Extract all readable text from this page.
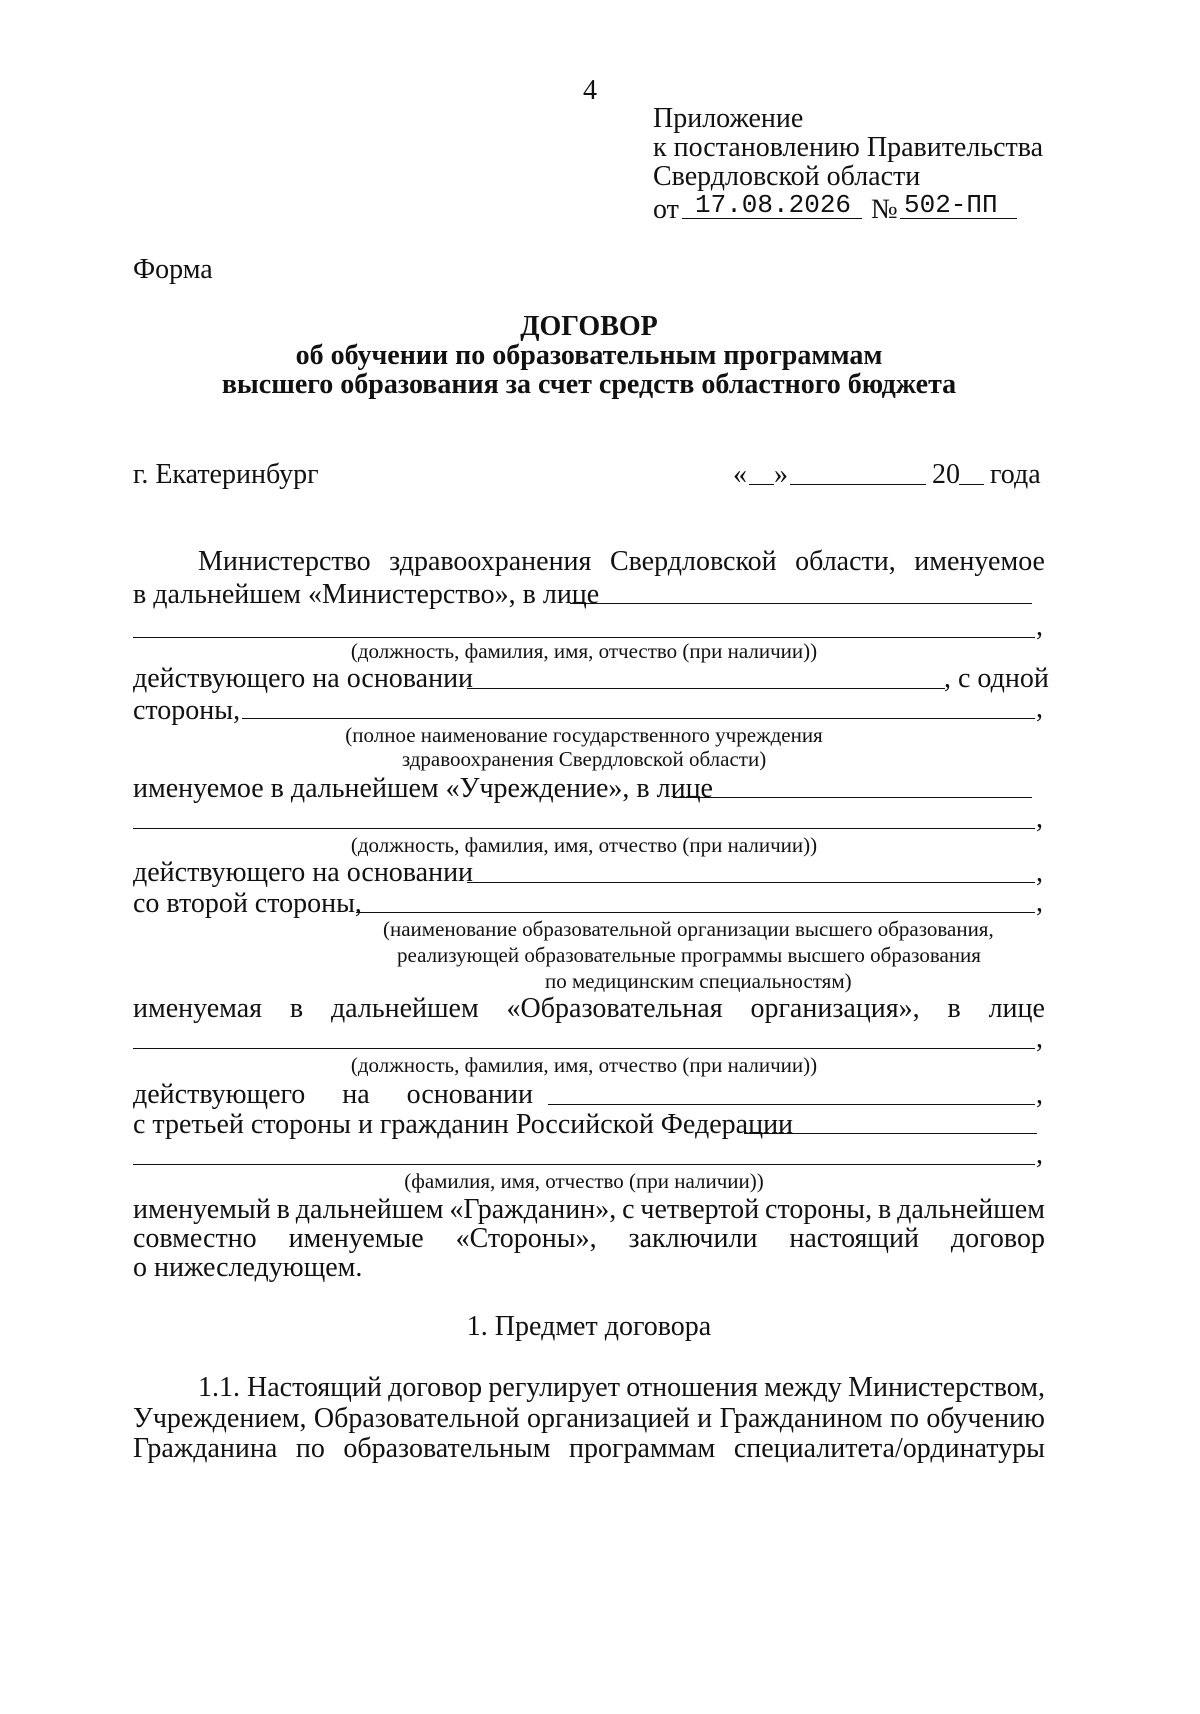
4
Приложение
к постановлению Правительства
Свердловской области
от 17.08.2026 № 502-ПП
Форма
ДОГОВОР
об обучении по образовательным программам
высшего образования за счет средств областного бюджета
г. Екатеринбург	« »	20 года
Министерство здравоохранения Свердловской области, именуемое
в дальнейшем «Министерство», в лице
,
(должность, фамилия, имя, отчество (при наличии))
действующего на основании	, с одной
стороны,	,
(полное наименование государственного учреждения
здравоохранения Свердловской области)
именуемое в дальнейшем «Учреждение», в лице
,
(должность, фамилия, имя, отчество (при наличии))
действующего на основании	,
со второй стороны,	,
(наименование образовательной организации высшего образования,
реализующей образовательные программы высшего образования
по медицинским специальностям)
именуемая в дальнейшем «Образовательная организация», в лице
,
(должность, фамилия, имя, отчество (при наличии))
действующего на основании	,
с третьей стороны и гражданин Российской Федерации
,
(фамилия, имя, отчество (при наличии))
именуемый в дальнейшем «Гражданин», с четвертой стороны, в дальнейшем
совместно именуемые «Стороны», заключили настоящий договор
о нижеследующем.
1. Предмет договора
1.1. Настоящий договор регулирует отношения между Министерством,
Учреждением, Образовательной организацией и Гражданином по обучению
Гражданина по образовательным программам специалитета/ординатуры
